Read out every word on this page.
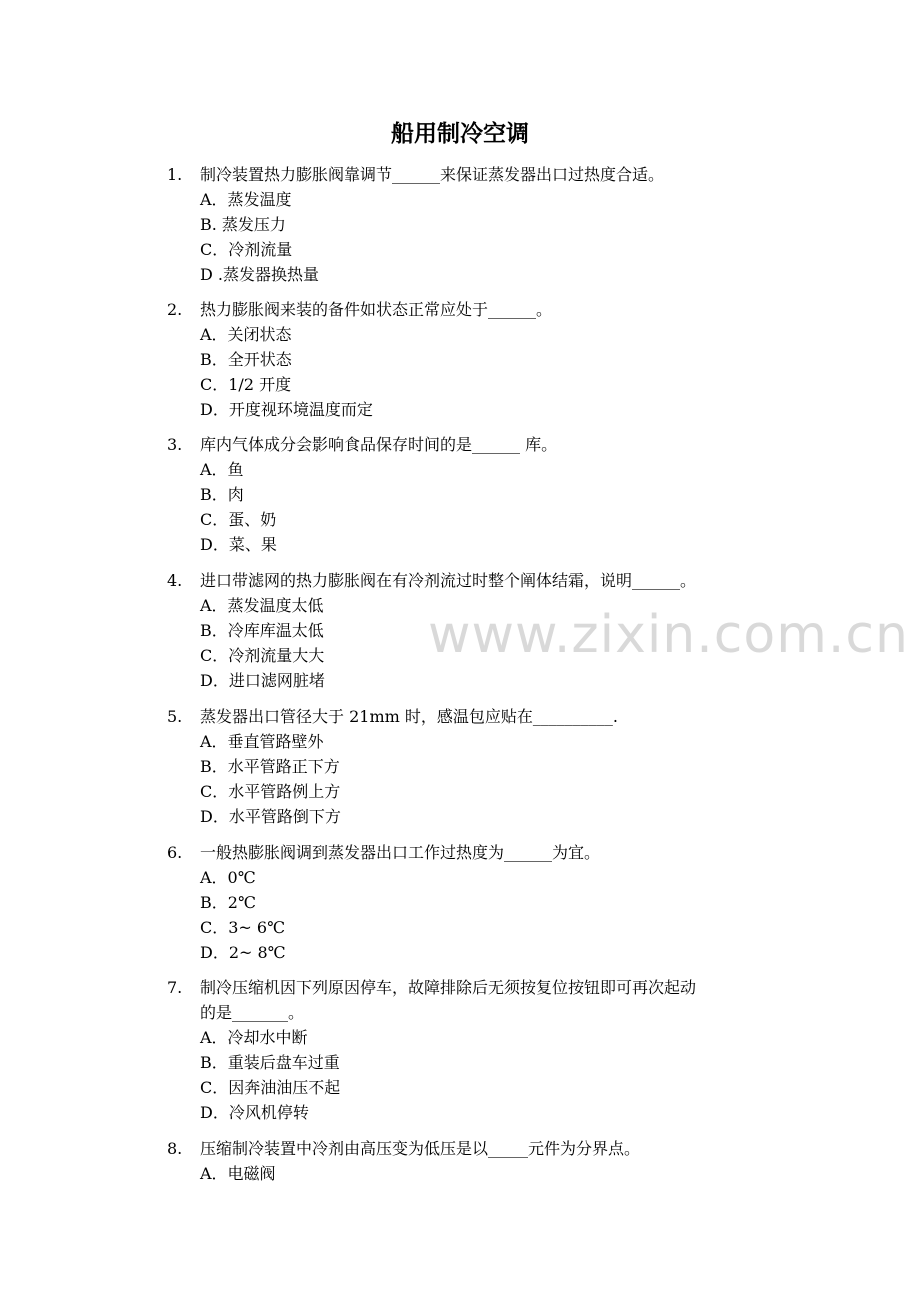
船用制冷空调
www.zixin.com.cn
1.	制冷装置热力膨胀阀靠调节______来保证蒸发器出口过热度合适。
A．蒸发温度
B. 蒸发压力
C．冷剂流量
D .蒸发器换热量
2.	热力膨胀阀来装的备件如状态正常应处于______。
A．关闭状态
B．全开状态
C．1/2 开度
D．开度视环境温度而定
3.	库内气体成分会影响食品保存时间的是______ 库。
A．鱼
B．肉
C．蛋、奶
D．菜、果
4.	进口带滤网的热力膨胀阀在有冷剂流过时整个阐体结霜，说明______。
A．蒸发温度太低
B．冷库库温太低
C．冷剂流量大大
D．进口滤网脏堵
5.	蒸发器出口管径大于 21mm 时，感温包应贴在__________.
A．垂直管路壁外
B．水平管路正下方
C．水平管路例上方
D．水平管路倒下方
6.	一般热膨胀阀调到蒸发器出口工作过热度为______为宜。
A．0℃
B．2℃
C．3~ 6℃
D．2~ 8℃
7.	制冷压缩机因下列原因停车，故障排除后无须按复位按钮即可再次起动
的是_______。
A．冷却水中断
B．重装后盘车过重
C．因奔油油压不起
D．冷风机停转
8.	压缩制冷装置中冷剂由高压变为低压是以_____元件为分界点。
A．电磁阀
